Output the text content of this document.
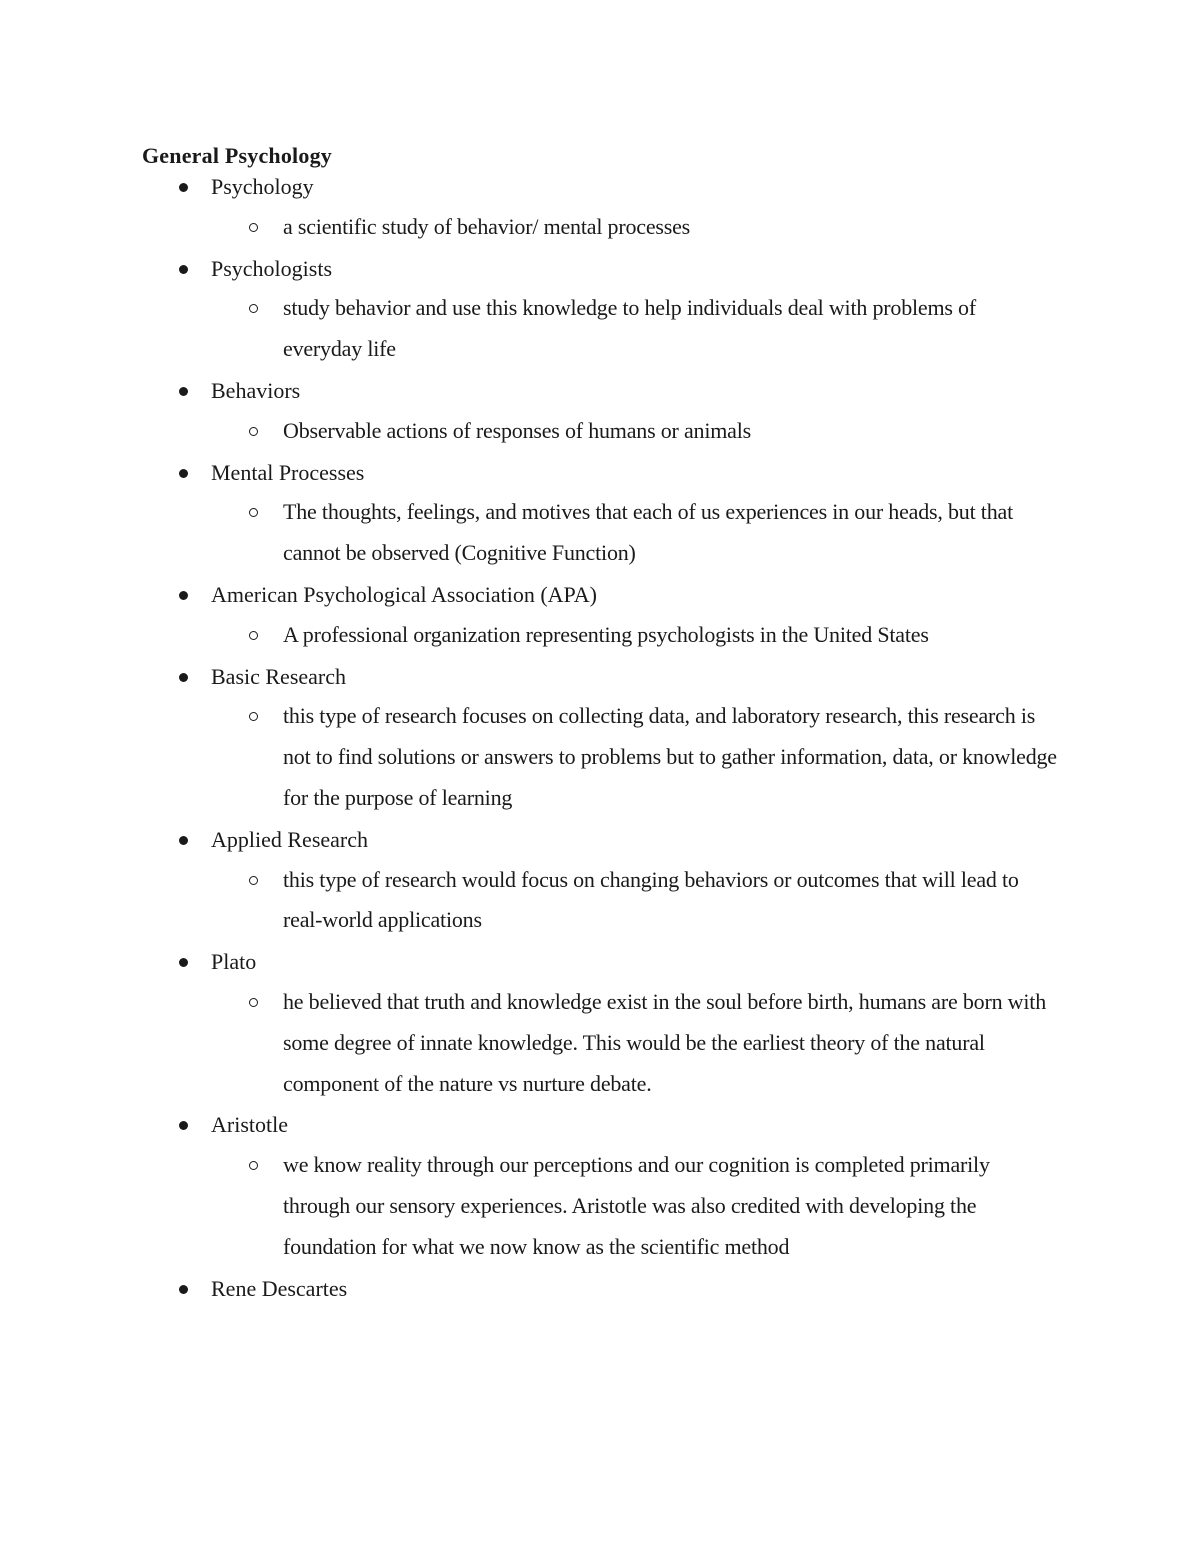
General Psychology
Psychology
a scientific study of behavior/ mental processes
Psychologists
study behavior and use this knowledge to help individuals deal with problems of everyday life
Behaviors
Observable actions of responses of humans or animals
Mental Processes
The thoughts, feelings, and motives that each of us experiences in our heads, but that cannot be observed (Cognitive Function)
American Psychological Association (APA)
A professional organization representing psychologists in the United States
Basic Research
this type of research focuses on collecting data, and laboratory research, this research is not to find solutions or answers to problems but to gather information, data, or knowledge for the purpose of learning
Applied Research
this type of research would focus on changing behaviors or outcomes that will lead to real-world applications
Plato
he believed that truth and knowledge exist in the soul before birth, humans are born with some degree of innate knowledge. This would be the earliest theory of the natural component of the nature vs nurture debate.
Aristotle
we know reality through our perceptions and our cognition is completed primarily through our sensory experiences. Aristotle was also credited with developing the foundation for what we now know as the scientific method
Rene Descartes
